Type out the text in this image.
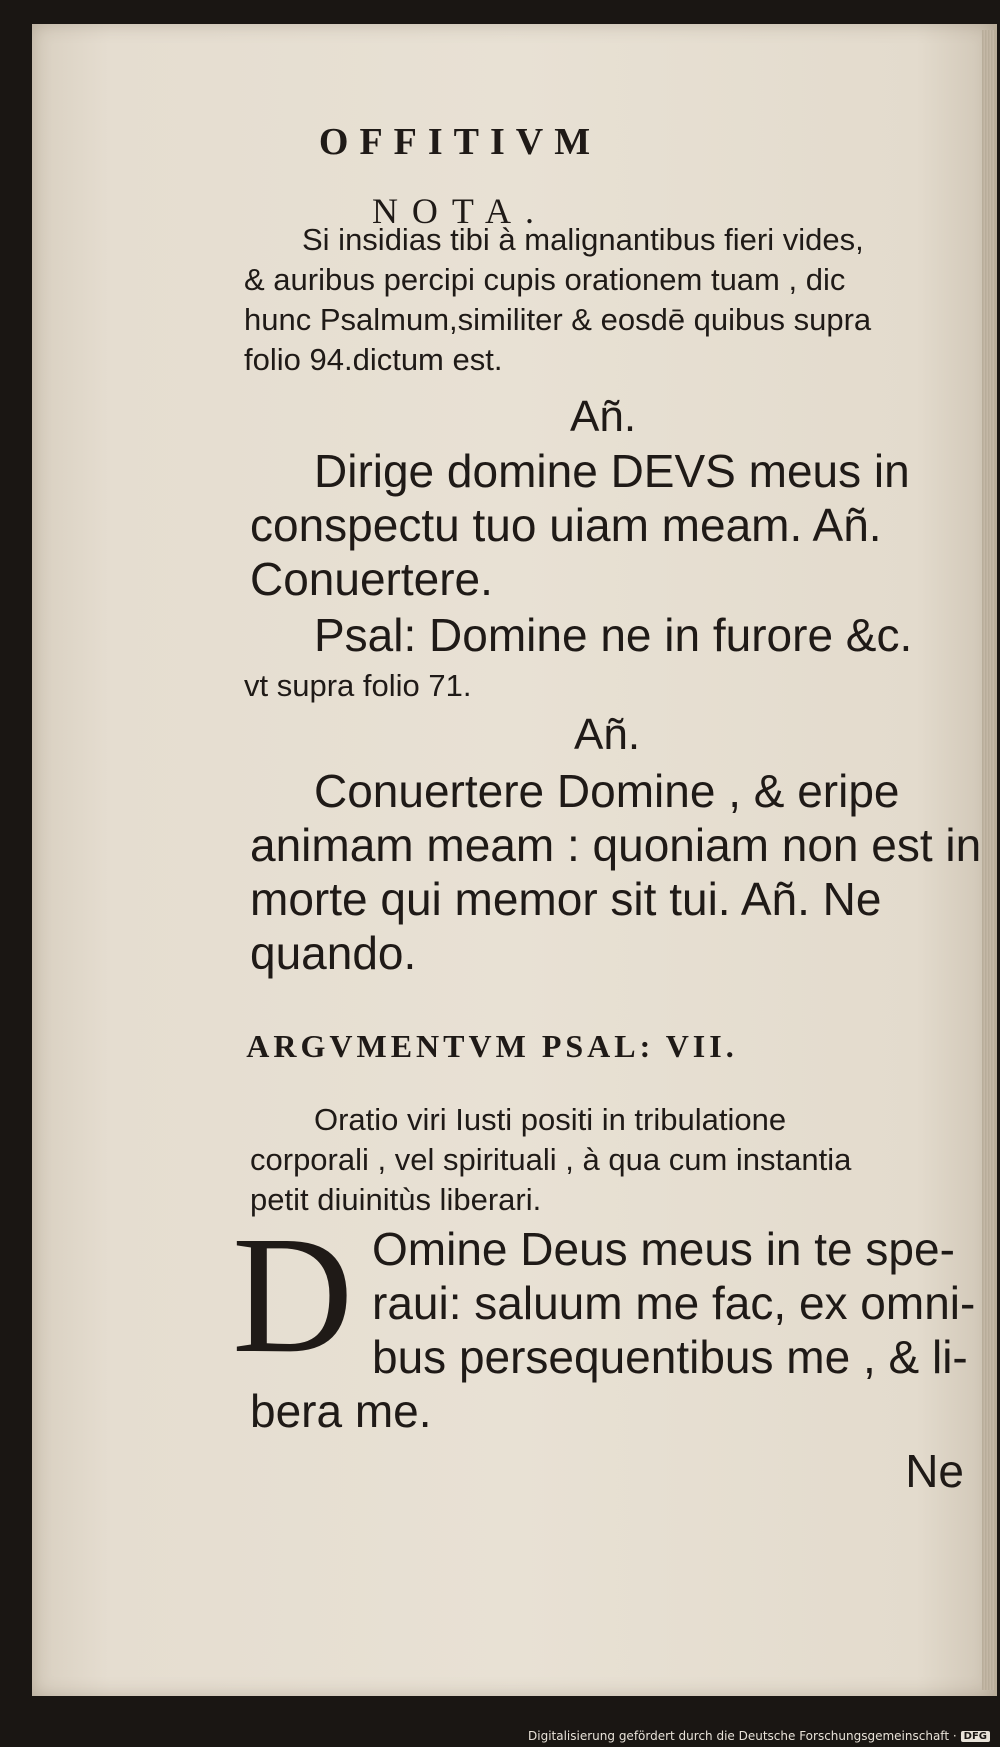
OFFITIVM
NOTA.
Si insidias tibi à malignantibus fieri vides,
& auribus percipi cupis orationem tuam , dic
hunc Psalmum,similiter & eosdē quibus supra
folio 94.dictum est.
Añ.
Dirige domine DEVS meus in
conspectu tuo uiam meam. Añ.
Conuertere.
Psal: Domine ne in furore &c.
vt supra folio 71.
Añ.
Conuertere Domine , & eripe
animam meam : quoniam non est in
morte qui memor sit tui. Añ. Ne
quando.
ARGVMENTVM PSAL: VII.
Oratio viri Iusti positi in tribulatione
corporali , vel spirituali , à qua cum instantia
petit diuinitùs liberari.
D Omine Deus meus in te spe-
raui: saluum me fac, ex omni-
bus persequentibus me , & li-
bera me.
Ne
Digitalisierung gefördert durch die Deutsche Forschungsgemeinschaft · DFG
